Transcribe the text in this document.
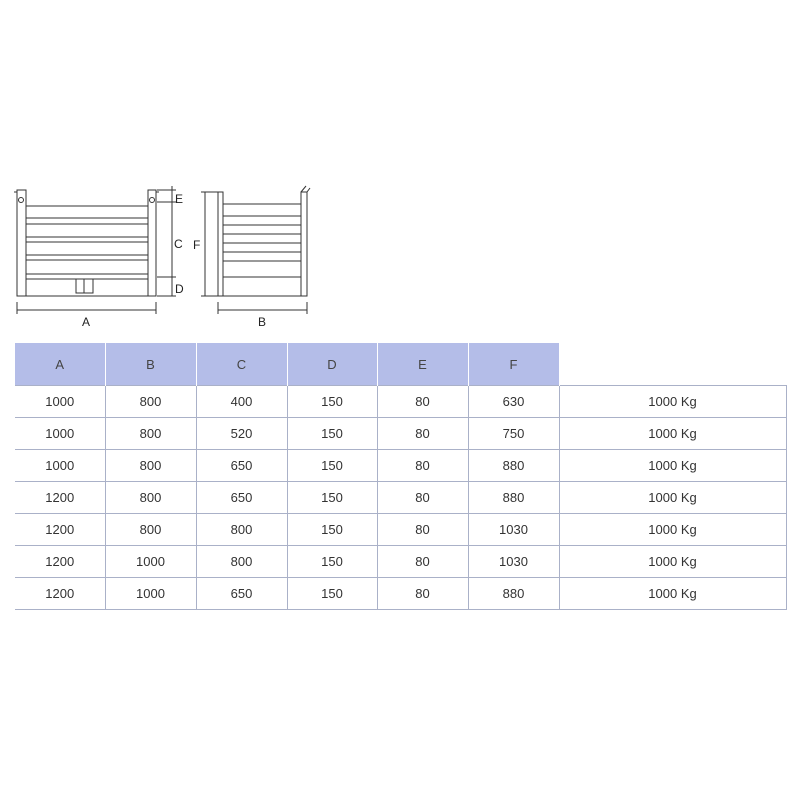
A	B
C
D
E
F
A	B	C	D	E	F	
1000	800	400	150	80	630	1000 Kg
1000	800	520	150	80	750	1000 Kg
1000	800	650	150	80	880	1000 Kg
1200	800	650	150	80	880	1000 Kg
1200	800	800	150	80	1030	1000 Kg
1200	1000	800	150	80	1030	1000 Kg
1200	1000	650	150	80	880	1000 Kg
